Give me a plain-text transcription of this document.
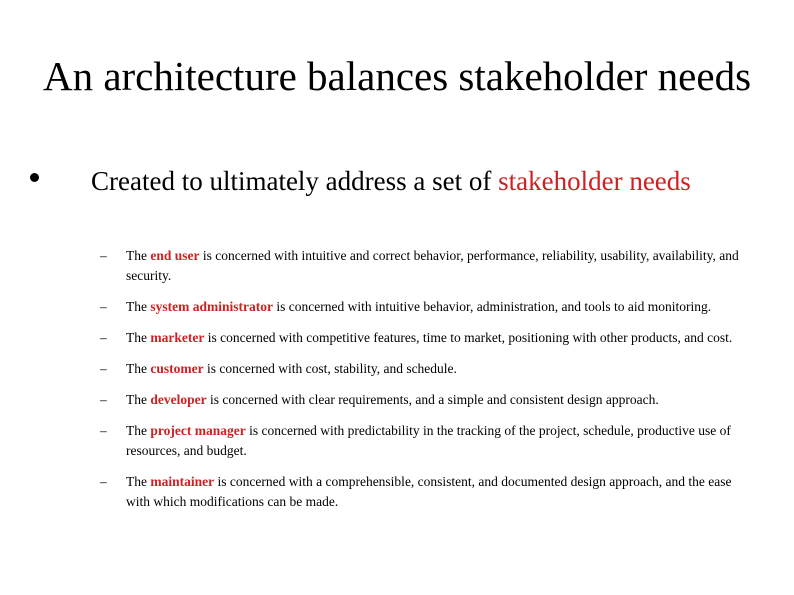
An architecture balances stakeholder needs
Created to ultimately address a set of stakeholder needs
– The end user is concerned with intuitive and correct behavior, performance, reliability, usability, availability, and security.
– The system administrator is concerned with intuitive behavior, administration, and tools to aid monitoring.
– The marketer is concerned with competitive features, time to market, positioning with other products, and cost.
– The customer is concerned with cost, stability, and schedule.
– The developer is concerned with clear requirements, and a simple and consistent design approach.
– The project manager is concerned with predictability in the tracking of the project, schedule, productive use of resources, and budget.
– The maintainer is concerned with a comprehensible, consistent, and documented design approach, and the ease with which modifications can be made.
